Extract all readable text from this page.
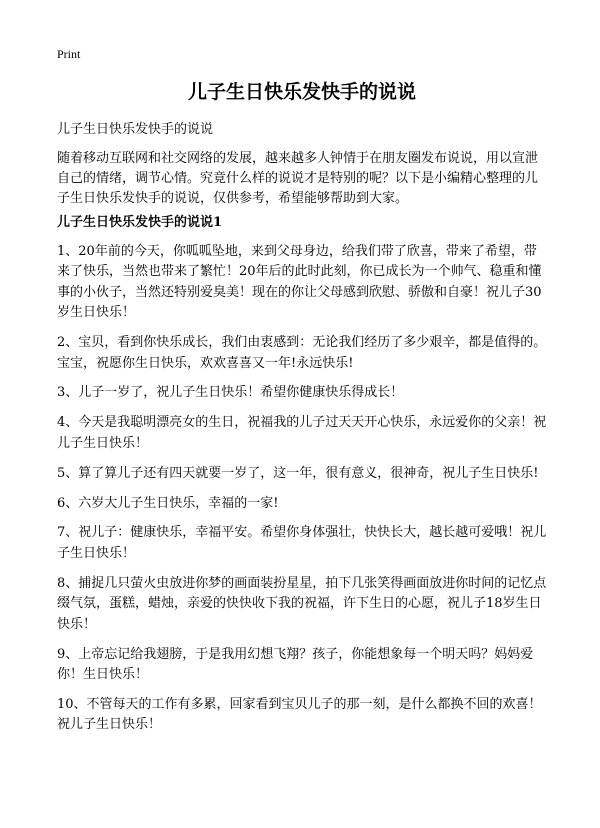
Print
儿子生日快乐发快手的说说

儿子生日快乐发快手的说说

随着移动互联网和社交网络的发展，越来越多人钟情于在朋友圈发布说说，用以宣泄自己的情绪，调节心情。究竟什么样的说说才是特别的呢？以下是小编精心整理的儿子生日快乐发快手的说说，仅供参考，希望能够帮助到大家。

儿子生日快乐发快手的说说1
1、20年前的今天，你呱呱坠地，来到父母身边，给我们带了欣喜，带来了希望，带来了快乐，当然也带来了繁忙！20年后的此时此刻，你已成长为一个帅气、稳重和懂事的小伙子，当然还特别爱臭美！现在的你让父母感到欣慰、骄傲和自豪！祝儿子30岁生日快乐！
2、宝贝，看到你快乐成长，我们由衷感到：无论我们经历了多少艰辛，都是值得的。宝宝，祝愿你生日快乐，欢欢喜喜又一年!永远快乐!
3、儿子一岁了，祝儿子生日快乐！希望你健康快乐得成长！
4、今天是我聪明漂亮女的生日，祝福我的儿子过天天开心快乐，永远爱你的父亲！祝儿子生日快乐！
5、算了算儿子还有四天就要一岁了，这一年，很有意义，很神奇，祝儿子生日快乐!
6、六岁大儿子生日快乐，幸福的一家!
7、祝儿子：健康快乐，幸福平安。希望你身体强壮，快快长大，越长越可爱哦！祝儿子生日快乐！
8、捕捉几只萤火虫放进你梦的画面装扮星星，拍下几张笑得画面放进你时间的记忆点缀气氛，蛋糕，蜡烛，亲爱的快快收下我的祝福，许下生日的心愿，祝儿子18岁生日快乐！
9、上帝忘记给我翅膀，于是我用幻想飞翔？孩子，你能想象每一个明天吗？妈妈爱你！生日快乐！
10、不管每天的工作有多累，回家看到宝贝儿子的那一刻，是什么都换不回的欢喜！祝儿子生日快乐！
